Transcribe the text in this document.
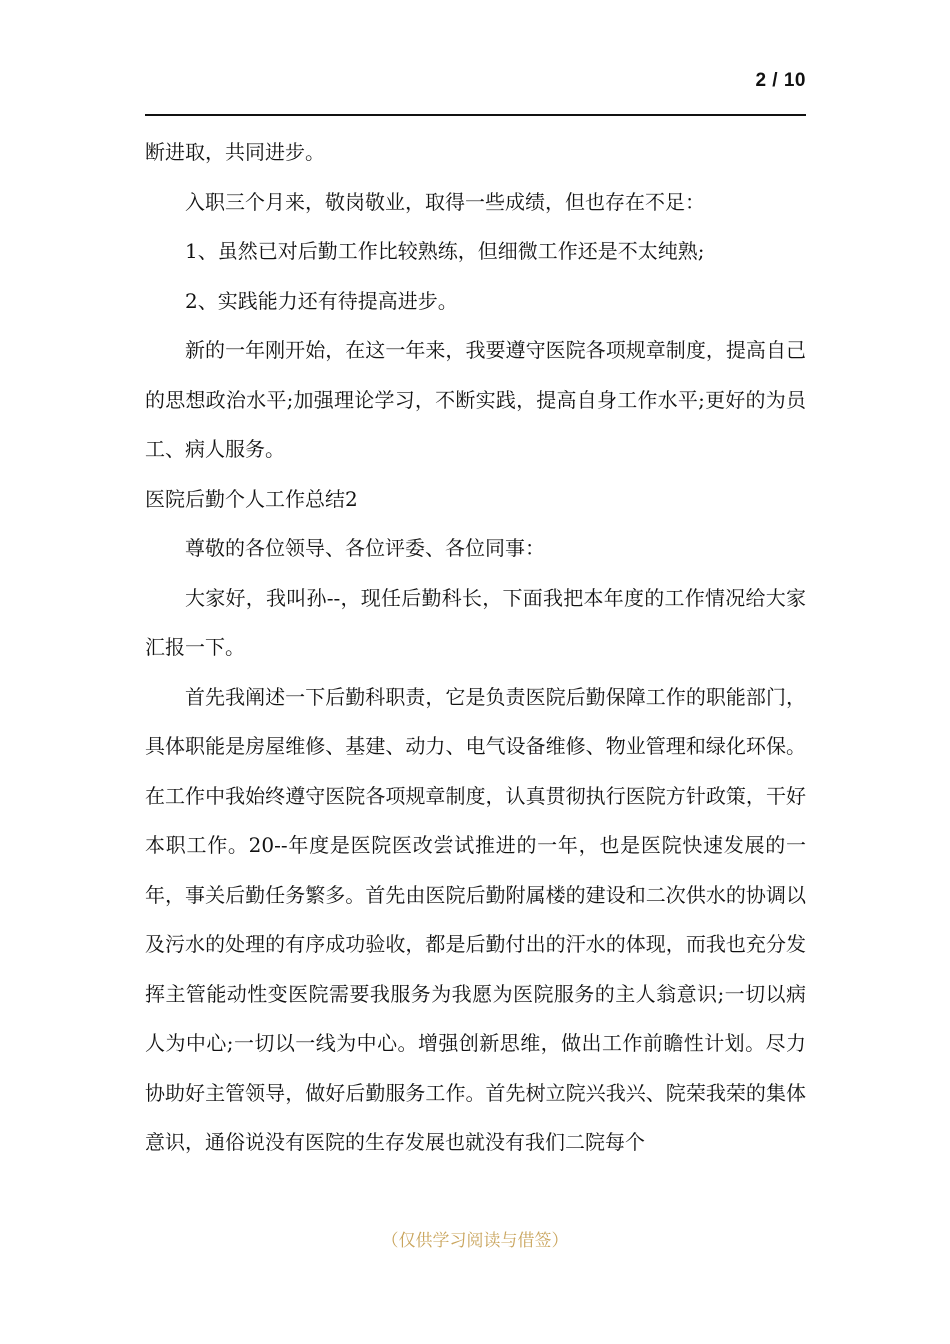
2 / 10

断进取，共同进步。

入职三个月来，敬岗敬业，取得一些成绩，但也存在不足：

1、虽然已对后勤工作比较熟练，但细微工作还是不太纯熟;

2、实践能力还有待提高进步。

新的一年刚开始，在这一年来，我要遵守医院各项规章制度，提高自己的思想政治水平;加强理论学习，不断实践，提高自身工作水平;更好的为员工、病人服务。

医院后勤个人工作总结2

尊敬的各位领导、各位评委、各位同事：

大家好，我叫孙--，现任后勤科长，下面我把本年度的工作情况给大家汇报一下。

首先我阐述一下后勤科职责，它是负责医院后勤保障工作的职能部门，具体职能是房屋维修、基建、动力、电气设备维修、物业管理和绿化环保。在工作中我始终遵守医院各项规章制度，认真贯彻执行医院方针政策，干好本职工作。20--年度是医院医改尝试推进的一年，也是医院快速发展的一年，事关后勤任务繁多。首先由医院后勤附属楼的建设和二次供水的协调以及污水的处理的有序成功验收，都是后勤付出的汗水的体现，而我也充分发挥主管能动性变医院需要我服务为我愿为医院服务的主人翁意识;一切以病人为中心;一切以一线为中心。增强创新思维，做出工作前瞻性计划。尽力协助好主管领导，做好后勤服务工作。首先树立院兴我兴、院荣我荣的集体意识，通俗说没有医院的生存发展也就没有我们二院每个

（仅供学习阅读与借签）
